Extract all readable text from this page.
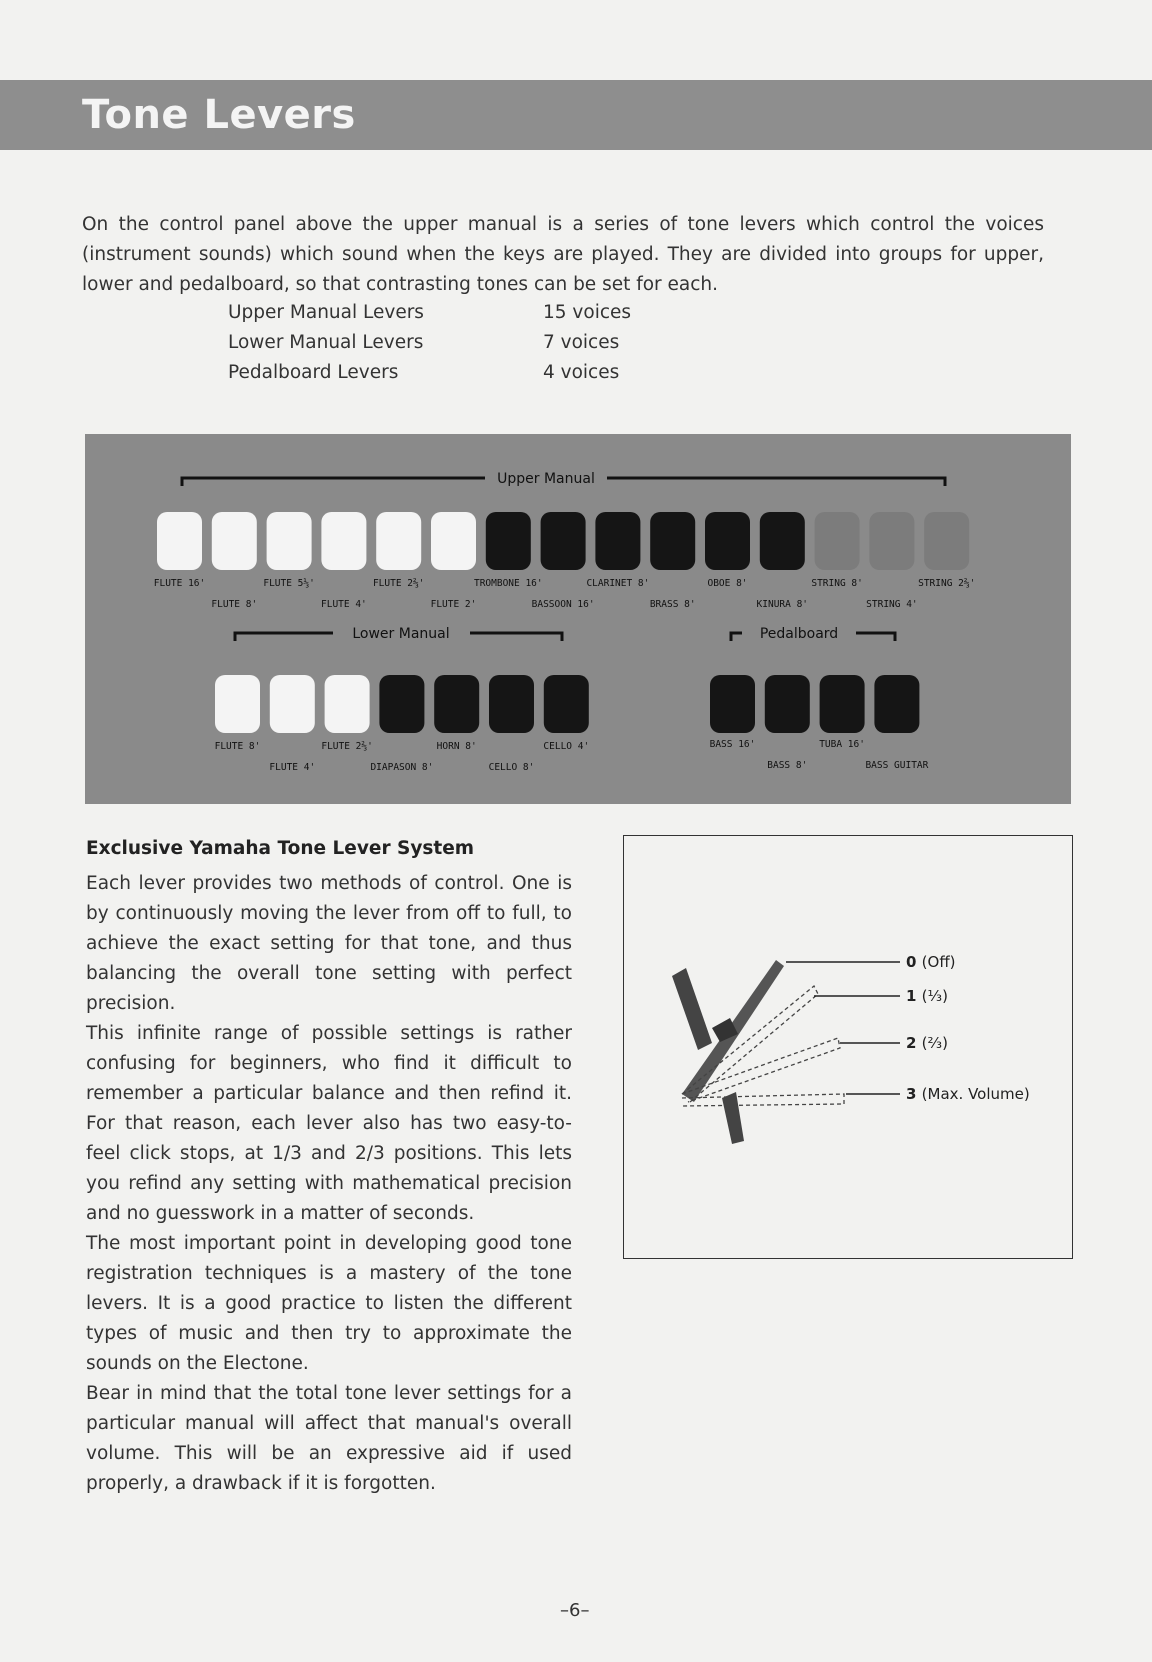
Tone Levers
On the control panel above the upper manual is a series of tone levers which control the voices (instrument sounds) which sound when the keys are played. They are divided into groups for upper, lower and pedalboard, so that contrasting tones can be set for each.
Upper Manual Levers	15 voices
Lower Manual Levers	7 voices
Pedalboard Levers	4 voices
Upper Manual
Lower Manual	Pedalboard
FLUTE 16'
FLUTE 8'
FLUTE 5⅓'
FLUTE 4'
FLUTE 2⅔'
FLUTE 2'
TROMBONE 16'
BASSOON 16'
CLARINET 8'
BRASS 8'
OBOE 8'
KINURA 8'
STRING 8'
STRING 4'
STRING 2⅔'
FLUTE 8'
FLUTE 4'
FLUTE 2⅔'
DIAPASON 8'
HORN 8'
CELLO 8'
CELLO 4'	BASS 16'
BASS 8'
TUBA 16'
BASS GUITAR
Exclusive Yamaha Tone Lever System

Each lever provides two methods of control. One is by continuously moving the lever from off to full, to achieve the exact setting for that tone, and thus balancing the overall tone setting with perfect precision.

This infinite range of possible settings is rather confusing for beginners, who find it difficult to remember a particular balance and then refind it. For that reason, each lever also has two easy-to-feel click stops, at 1/3 and 2/3 positions. This lets you refind any setting with mathematical precision and no guesswork in a matter of seconds.

The most important point in developing good tone registration techniques is a mastery of the tone levers. It is a good practice to listen the different types of music and then try to approximate the sounds on the Electone.

Bear in mind that the total tone lever settings for a particular manual will affect that manual's overall volume. This will be an expressive aid if used properly, a drawback if it is forgotten.

0 (Off)
1 (⅓)
2 (⅔)
3 (Max. Volume)
–6–
